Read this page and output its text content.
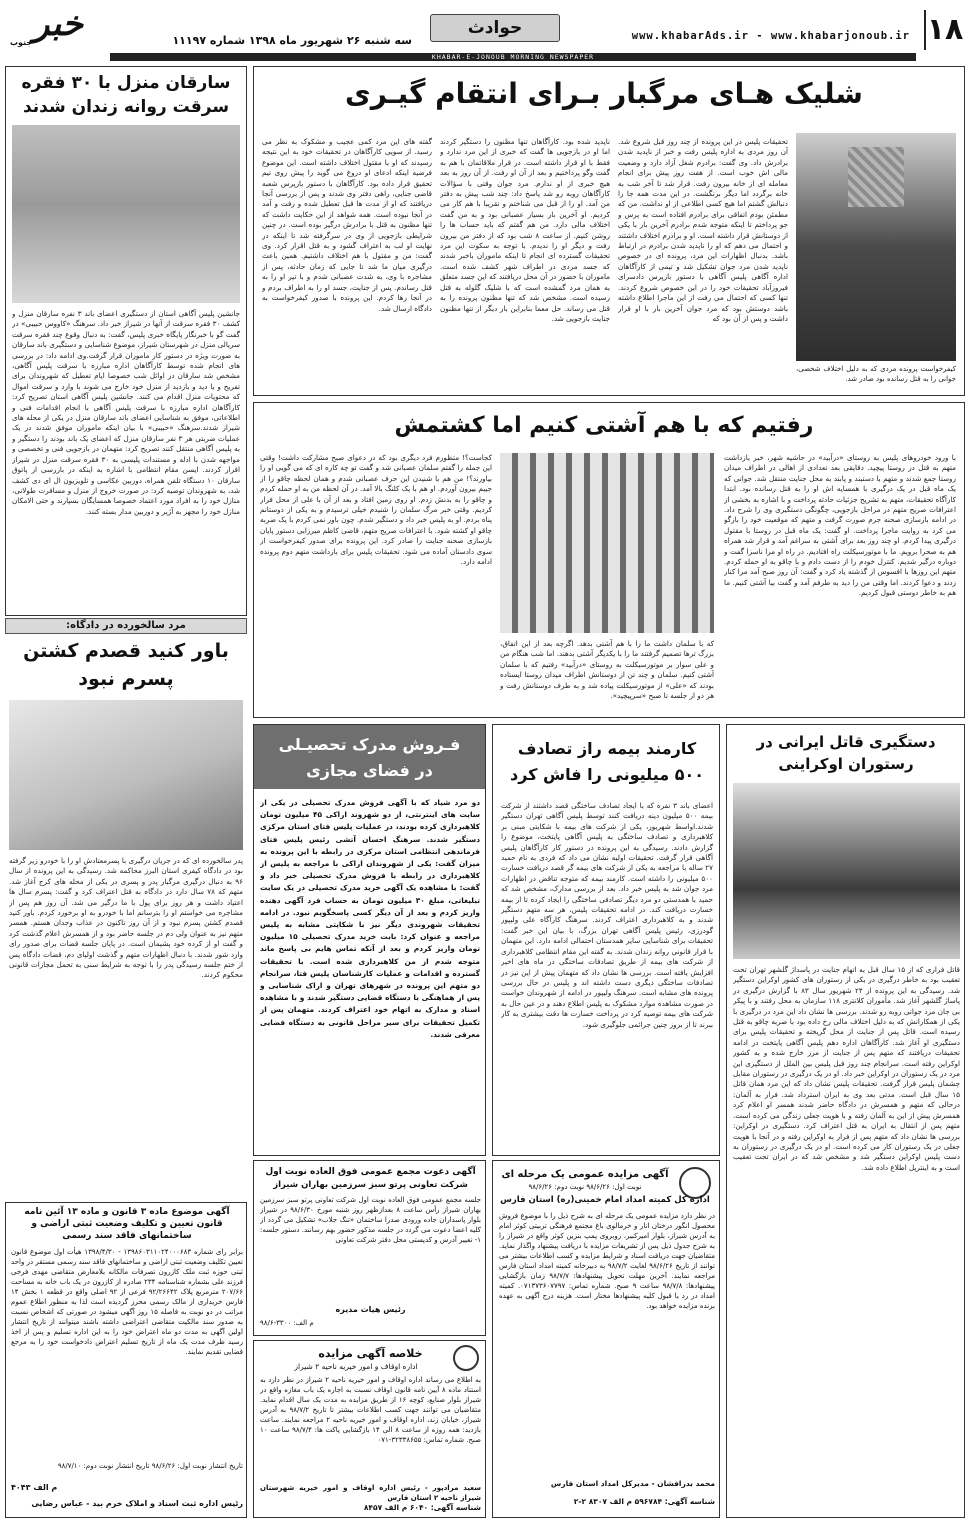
۱۸
www.khabarAds.ir - www.khabarjonoub.ir
حوادث
سه شنبه ۲۶ شهریور ماه ۱۳۹۸ شماره ۱۱۱۹۷
خبر
جنوب
KHABAR-E-JONOUB MORNING NEWSPAPER
سارقان منزل با ۳۰ فقره
سرقت روانه زندان شدند
جانشین پلیس آگاهی استان از دستگیری اعضای باند ۳ نفره سارقان منزل و کشف ۳۰ فقره سرقت از آنها در شیراز خبر داد. سرهنگ «کاووس حبیبی» در گفت گو با خبرنگار پایگاه خبری پلیس، گفت: به دنبال وقوع چند فقره سرقت سریالی منزل در شهرستان شیراز، موضوع شناسایی و دستگیری باند سارقان به صورت ویژه در دستور کار ماموران قرار گرفت.وی ادامه داد: در بررسی های انجام شده توسط کارآگاهان اداره مبارزه با سرقت پلیس آگاهی، مشخص شد سارقان در اوائل شب خصوصا ایام تعطیل که شهروندان برای تفریح و یا دید و بازدید از منزل خود خارج می شوند با وارد و سرقت اموال که محتویات منزل اقدام می کنند. جانشین پلیس آگاهی استان تصریح کرد: کارآگاهان اداره مبارزه با سرقت پلیس آگاهی با انجام اقدامات فنی و اطلاعاتی، موفق به شناسایی اعضای باند سارقان منزل در یکی از محله های شیراز شدند.سرهنگ «حبیبی» با بیان اینکه ماموران موفق شدند در یک عملیات ضربتی هر ۳ نفر سارقان منزل که اعضای یک باند بودند را دستگیر و به پلیس آگاهی منتقل کنند تصریح کرد: متهمان در بازجویی فنی و تخصصی و مواجهه شدن با ادله و مستندات پلیسی به ۳۰ فقره سرقت منزل در شیراز اقرار کردند. ایسن مقام انتظامی با اشاره به اینکه در بازرسی از پاتوق سارقان ۱۰ دستگاه تلفن همراه، دوربین عکاسی و تلویزیون ال ای دی کشف شد، به شهروندان توصیه کرد: در صورت خروج از منزل و مسافرت طولانی، منازل خود را به افراد مورد اعتماد خصوصا همسایگان بسپارند و حتی الامکان منازل خود را مجهز به آژیر و دوربین مدار بسته کنند.
مرد سالخورده در دادگاه:
باور کنید قصدم کشتن
پسرم نبود
پدر سالخورده ای که در جریان درگیری با پسرمعتادش او را با خودرو زیر گرفته بود در دادگاه کیفری استان البرز محاکمه شد. رسیدگی به این پرونده از سال ۹۶ به دنبال درگیری مرگبار پدر و پسری در یکی از محله های کرج آغاز شد. متهم که ۷۸ سال دارد در دادگاه به قتل اعتراف کرد و گفت: پسرم سال ها اعتیاد داشت و هر روز برای پول با ما درگیر می شد. آن روز هم پس از مشاجره می خواستم او را بترسانم اما با خودرو به او برخورد کردم. باور کنید قصدم کشتن پسرم نبود و از آن روز تاکنون در عذاب وجدان هستم. همسر متهم نیز به عنوان ولی دم در جلسه حاضر بود و از همسرش اعلام گذشت کرد و گفت او از کرده خود پشیمان است. در پایان جلسه قضات برای صدور رای وارد شور شدند. با دنبال اظهارات متهم و گذشت اولیای دم، قضات دادگاه پس از ختم جلسه رسیدگی پدر را با توجه به شرایط سنی به تحمل مجازات قانونی محکوم کردند.
آگهی موضوع ماده ۳ قانون و ماده ۱۳ آئین نامه
قانون تعیین و تکلیف وضعیت ثبتی اراضی و
ساختمانهای فاقد سند رسمی
برابر رای شماره ۱۳۹۸۶۰۳۱۱۰۲۴۰۰۰۶۸۳ - ۱۳۹۸/۴/۳۰ هیأت اول موضوع قانون تعیین تکلیف وضعیت ثبتی اراضی و ساختمانهای فاقد سند رسمی مستقر در واحد ثبتی حوزه ثبت ملک کازرون تصرفات مالکانه بلامعارض متقاضی مهدی فرخی فرزند علی بشماره شناسنامه ۲۳۴ صادره از کازرون در یک باب خانه به مساحت ۲۰۷/۶۶ مترمربع پلاک ۹۲/۲۶۶۴۲ فرعی از ۹۲ اصلی واقع در قطعه ۱ بخش ۱۴ فارس خریداری از مالک رسمی محرز گردیده است لذا به منظور اطلاع عموم مراتب در دو نوبت به فاصله ۱۵ روز آگهی میشود در صورتی که اشخاص نسبت به صدور سند مالکیت متقاضی اعتراضی داشته باشند میتوانند از تاریخ انتشار اولین آگهی به مدت دو ماه اعتراض خود را به این اداره تسلیم و پس از اخذ رسید ظرف مدت یک ماه از تاریخ تسلیم اعتراض دادخواست خود را به مرجع قضایی تقدیم نمایند.
تاریخ انتشار نوبت اول: ۹۸/۶/۲۶ تاریخ انتشار نوبت دوم: ۹۸/۷/۱۰
م الف ۴۰۴۳
رئیس اداره ثبت اسناد و املاک خرم بید - عباس رضایی
شلیک هـای مرگبار بـرای انتقام گیـری
کیفرخواست پرونده مردی که به دلیل اختلاف شخصی، جوانی را به قتل رسانده بود صادر شد.
تحقیقات پلیس در این پرونده از چند روز قبل شروع شد. آن روز مردی به اداره پلیس رفت و خبر از ناپدید شدن برادرش داد. وی گفت: برادرم شغل آزاد دارد و وضعیت مالی اش خوب است. از هفت روز پیش برای انجام معامله ای از خانه بیرون رفت. قرار شد تا آخر شب به خانه برگردد اما دیگر برنگشت. در این مدت همه جا را دنبالش گشتم اما هیچ کسی اطلاعی از او نداشت. من که مطمئن بودم اتفاقی برای برادرم افتاده است به پرس و جو پرداختم تا اینکه متوجه شدم برادرم آخرین بار با یکی از دوستانش قرار داشته است. او و برادرم اختلاف داشتند و احتمال می دهم که او را ناپدید شدن برادرم در ارتباط باشد. بدنبال اظهارات این مرد، پرونده ای در خصوص ناپدید شدن مرد جوان تشکیل شد و تیمی از کارآگاهان اداره آگاهی پلیس آگاهی با دستور بازپرس دادسرای فیروزآباد تحقیقات خود را در این خصوص شروع کردند. تنها کسی که احتمال می رفت از این ماجرا اطلاع داشته باشد دوستش بود که مرد جوان آخرین بار با او قرار داشت و پس از آن بود که
ناپدید شده بود. کارآگاهان تنها مظنون را دستگیر کردند اما او در بازجویی ها گفت که خبری از این مرد ندارد و فقط با او قرار داشته است. در قرار ملاقاتمان با هم به گفت وگو پرداختیم و بعد از آن او رفت. از آن روز به بعد هیچ خبری از او ندارم. مرد جوان وقتی با سؤالات کارآگاهان روبه رو شد پاسخ داد: چند شب پیش به دفتر من آمد. او را از قبل می شناختم و تقریبا با هم کار می کردیم. او آخرین بار بسیار عصبانی بود و به من گفت اختلاف مالی دارد. من هم گفتم که باید حساب ها را روشن کنیم. از ساعت ۸ شب بود که از دفتر من بیرون رفت و دیگر او را ندیدم. با توجه به سکوت این مرد تحقیقات گسترده ای انجام تا اینکه ماموران باخبر شدند که جسد مردی در اطراف شهر کشف شده است. ماموران با حضور در آن محل دریافتند که این جسد متعلق به همان مرد گمشده است که با شلیک گلوله به قتل رسیده است. مشخص شد که تنها مظنون پرونده را به قتل می رساند. حل معما بنابراین بار دیگر از تنها مظنون جنایت بازجویی شد.
گفته های این مرد کمی عجیب و مشکوک به نظر می رسید. از سویی کارآگاهان در تحقیقات خود به این نتیجه رسیدند که او با مقتول اختلاف داشته است. این موضوع فرضیه اینکه ادعای او دروغ می گوید را پیش روی تیم تحقیق قرار داده بود. کارآگاهان با دستور بازپرس شعبه قاضی جنایی، راهی دفتر وی شدند و پس از بررسی آنجا دریافتند که او از مدت ها قبل تعطیل شده و رفت و آمد در آنجا نبوده است. همه شواهد از این حکایت داشت که تنها مظنون به قتل با برادرش درگیر بوده است. در چنین شرایطی بازجویی از وی در سرگرفته شد تا اینکه در نهایت او لب به اعتراف گشود و به قتل اقرار کرد. وی گفت: من و مقتول با هم اختلاف داشتیم. همین باعث درگیری میان ما شد تا جایی که زمان حادثه، پس از مشاجره با وی، به شدت عصبانی شدم و با تیر او را به قتل رساندم. پس از جنایت، جسد او را به اطراف بردم و در آنجا رها کردم. این پرونده با صدور کیفرخواست به دادگاه ارسال شد.
رفتیم که با هم آشتی کنیم اما کشتمش
با ورود خودروهای پلیس به روستای «درآبید» در حاشیه شهر، خبر بازداشت متهم به قتل در روستا پیچید. دقایقی بعد تعدادی از اهالی در اطراف میدان روستا جمع شدند و متهم با دستبند و پابند به محل جنایت منتقل شد. جوانی که یک ماه قبل در یک درگیری با همسایه اش او را به قتل رسانده بود. ابتدا کارآگاه تحقیقات، متهم به تشریح جزئیات حادثه پرداخت و با اشاره به بخشی از اعترافات صریح متهم در مراحل بازجویی، چگونگی دستگیری وی را شرح داد. در ادامه بازسازی صحنه جرم صورت گرفت و متهم که موقعیت خود را بازگو می کرد به روایت ماجرا پرداخت. او گفت: یک ماه قبل در روستا با مقتول درگیری پیدا کردم. او چند روز بعد برای آشتی به سراغم آمد و قرار شد همراه هم به صحرا برویم. ما با موتورسیکلت راه افتادیم. در راه او مرا ناسزا گفت و دوباره درگیر شدیم. کنترل خودم را از دست دادم و با چاقو به او حمله کردم. متهم این روزها با افسوس از گذشته یاد کرد و گفت: آن روز صبح آمد مرا کنار زدند و دعوا کردند. اما وقتی من را دید به طرفم آمد و گفت بیا آشتی کنیم. ما هم به خاطر دوستی قبول کردیم.
که با سلمان داشت ما را با هم آشتی بدهد. اگرچه بعد از این اتفاق، بزرگ ترها تصمیم گرفتند ما را با یکدیگر آشتی بدهند. اما شب هنگام من و علی سوار بر موتورسیکلت به روستای «درآبید» رفتیم که با سلمان آشتی کنیم. سلمان و چند تن از دوستانش اطراف میدان روستا ایستاده بودند که «علی» از موتورسیکلت پیاده شد و به طرف دوستانش رفت و هر دو از جلسه تا صبح «سرپیچید».
کجاست؟! متظورم فرد دیگری بود که در دعوای صبح مشارکت داشت! وقتی این جمله را گفتم سلمان عصبانی شد و گفت تو چه کاره ای که می گویی او را بیاورند؟! من هم با شنیدن این حرف عصبانی شدم و همان لحظه چاقو را از جیبم بیرون آوردم. او هم با یک کلنگ بالا آمد. در آن لحظه من به او حمله کردم و چاقو را به بدنش زدم. او روی زمین افتاد و بعد از آن با علی از محل فرار کردیم. وقتی خبر مرگ سلمان را شنیدم خیلی ترسیدم و به یکی از دوستانم پناه بردم. او به پلیس خبر داد و دستگیر شدم. چون باور نمی کردم با یک ضربه چاقو او کشته شود. با اعترافات صریح متهم، قاضی کاظم میرزایی دستور پایان بازسازی صحنه جنایت را صادر کرد. این پرونده برای صدور کیفرخواست از سوی دادستان آماده می شود. تحقیقات پلیس برای بازداشت متهم دوم پرونده ادامه دارد.
دستگیری قاتل ایرانی در
رستوران اوکراینی
قاتل فراری که از ۱۵ سال قبل به اتهام جنایت در پاسداژ گلشهر تهران تحت تعقیب بود به خاطر درگیری در یکی از رستوران های کشور اوکراین دستگیر شد. رسیدگی به این پرونده از ۲۴ شهریور سال ۸۳ با گزارش درگیری در پاساژ گلشهر آغاز شد. مأموران کلانتری ۱۱۸ سازمان به محل رفتند و با پیکر بی جان مرد جوانی روبه رو شدند. بررسی ها نشان داد این مرد در درگیری با یکی از همکارانش که به دلیل اختلاف مالی رخ داده بود با ضربه چاقو به قتل رسیده است. قاتل پس از جنایت از محل گریخته و تحقیقات پلیس برای دستگیری او آغاز شد. کارآگاهان اداره دهم پلیس آگاهی پایتخت در ادامه تحقیقات دریافتند که متهم پس از جنایت از مرز خارج شده و به کشور اوکراین رفته است. سرانجام چند روز قبل پلیس بین الملل از دستگیری این مرد در یک رستوران در اوکراین خبر داد. او در یک درگیری در رستوران مقابل چشمان پلیس قرار گرفت. تحقیقات پلیس نشان داد که این مرد همان قاتل ۱۵ سال قبل است. مدتی بعد وی به ایران استرداد شد. فرار به آلمان: درحالی که متهم و همسرش در دادگاه حاضر شدند همسر او اعلام کرد همسرش پیش از این به آلمان رفته و با هویت جعلی زندگی می کرده است. متهم پس از انتقال به ایران به قتل اعتراف کرد. دستگیری در اوکراین: بررسی ها نشان داد که متهم پس از فرار به اوکراین رفته و در آنجا با هویت جعلی در یک رستوران کار می کرده است. او در یک درگیری در رستوران به دست پلیس اوکراین دستگیر شد و مشخص شد که در ایران تحت تعقیب است و به اینترپل اطلاع داده شد.
کارمند بیمه راز تصادف
۵۰۰ میلیونی را فاش کرد
اعضای باند ۳ نفره که با ایجاد تصادف ساختگی قصد داشتند از شرکت بیمه ۵۰۰ میلیون دینه دریافت کنند توسط پلیس آگاهی تهران دستگیر شدند.اواسط شهریور، یکی از شرکت های بیمه با شکایتی مبنی بر کلاهبرداری و تصادف ساختگی به پلیس آگاهی پایتخت، موضوع را گزارش دادند. رسیدگی به این پرونده در دستور کار کارآگاهان پلیس آگاهی قرار گرفت. تحقیقات اولیه نشان می داد که فردی به نام حمید ۲۷ ساله با مراجعه به یکی از شرکت های بیمه گر قصد دریافت خسارت ۵۰۰ میلیونی را داشته است. کارمند بیمه که متوجه تناقض در اظهارات مرد جوان شد به پلیس خبر داد. بعد از بررسی مدارک، مشخص شد که حمید با همدستی دو مرد دیگر تصادفی ساختگی را ایجاد کرده تا از بیمه خسارت دریافت کند. در ادامه تحقیقات پلیس، هر سه متهم دستگیر شدند و به کلاهبرداری اعتراف کردند. سرهنگ کارآگاه علی ولیپور گودرزی، رئیس پلیس آگاهی تهران بزرگ، با بیان این خبر گفت: تحقیقات برای شناسایی سایر همدستان احتمالی ادامه دارد. این متهمان با قرار قانونی روانه زندان شدند. به گفته این مقام انتظامی کلاهبرداری از شرکت های بیمه از طریق تصادفات ساختگی در ماه های اخیر افزایش یافته است. بررسی ها نشان داد که متهمان پیش از این نیز در تصادفات ساختگی دیگری دست داشته اند و پلیس در حال بررسی پرونده های مشابه است. سرهنگ ولیپور در ادامه از شهروندان خواست در صورت مشاهده موارد مشکوک به پلیس اطلاع دهند و در عین حال به شرکت های بیمه توصیه کرد در پرداخت خسارت ها دقت بیشتری به کار ببرند تا از بروز چنین جرائمی جلوگیری شود.
فـروش مدرک تحصیـلی
در فضای مجازی
دو مرد شیاد که با آگهی فروش مدرک تحصیلی در یکی از سایت های اینترنتی، از دو شهروند اراکی ۴۵ میلیون تومان کلاهبرداری کرده بودند، در عملیات پلیس فتای استان مرکزی دستگیر شدند. سرهنگ احسان آتشی رئیس پلیس فتای فرماندهی انتظامی استان مرکزی در رابطه با این پرونده به میزان گفت: یکی از شهروندان اراکی با مراجعه به پلیس از کلاهبرداری در رابطه با فروش مدرک تحصیلی خبر داد و گفت: با مشاهده یک آگهی خرید مدرک تحصیلی در یک سایت تبلیغاتی، مبلغ ۳۰ میلیون تومان به حساب فرد آگهی دهنده واریز کردم و بعد از آن دیگر کسی پاسخگویم نبود. در ادامه تحقیقات شهروندی دیگر نیز با شکایتی مشابه به پلیس مراجعه و عنوان کرد: بابت خرید مدرک تحصیلی ۱۵ میلیون تومان واریز کردم و بعد از آنکه تماس هایم بی پاسخ ماند متوجه شدم از من کلاهبرداری شده است. با تحقیقات گسترده و اقدامات و عملیات کارشناسان پلیس فتا، سرانجام دو متهم این پرونده در شهرهای تهران و اراک شناسایی و پس از هماهنگی با دستگاه قضایی دستگیر شدند و با مشاهده اسناد و مدارک به اتهام خود اعتراف کردند. متهمان پس از تکمیل تحقیقات برای سیر مراحل قانونی به دستگاه قضایی معرفی شدند.
آگهی مزایده عمومی یک مرحله ای
نوبت اول: ۹۸/۶/۲۶ نوبت دوم: ۹۸/۶/۲۶
اداره کل کمیته امداد امام خمینی(ره) استان فارس
در نظر دارد مزایده عمومی یک مرحله ای به شرح ذیل را با موضوع فروش محصول انگور درختان انار و خرمالوی باغ مجتمع فرهنگی تربیتی کوثر امام به آدرس شیراز، بلوار امیرکبیر، روبروی پمپ بنزین کوثر واقع در شیراز را به شرح جدول ذیل پس از تشریفات مزایده با دریافت پیشنهاد واگذار نماید. متقاضیان جهت دریافت اسناد و شرایط مزایده و کسب اطلاعات بیشتر می توانند از تاریخ ۹۸/۶/۲۶ لغایت ۹۸/۷/۲ به دبیرخانه کمیته امداد استان فارس مراجعه نمایند. آخرین مهلت تحویل پیشنهادها: ۹۸/۷/۷ زمان بازگشایی پیشنهادها: ۹۸/۷/۸ ساعت ۹ صبح. شماره تماس: ۰۷۱۳۷۳۶۰۷۷۹۷. کمیته امداد در رد یا قبول کلیه پیشنهادها مختار است. هزینه درج آگهی به عهده برنده مزایده خواهد بود.
محمد بدرافشان - مدیرکل امداد استان فارس
شناسه آگهی: ۵۹۶۷۸۴ م الف ۸۳۰۷ ۲-۲
آگهی دعوت مجمع عمومی فوق العاده نوبت اول
شرکت تعاونی پرتو سبز سرزمین بهاران شیراز
جلسه مجمع عمومی فوق العاده نوبت اول شرکت تعاونی پرتو سبز سرزمین بهاران شیراز رأس ساعت ۸ بعدازظهر روز شنبه مورخ ۹۸/۶/۳۰ در شیراز بلوار پاسداران جاده ورودی صدرا ساختمان «تنگ جلاب» تشکیل می گردد از کلیه اعضا دعوت می گردد در جلسه مذکور حضور بهم رسانند. دستور جلسه: ۱- تغییر آدرس و کدپستی محل دفتر شرکت تعاونی
رئیس هیات مدیره
م الف: ۳۳۰۰-۹۸/۶
خلاصه آگهی مزایده
اداره اوقاف و امور خیریه ناحیه ۲ شیراز
به اطلاع می رساند اداره اوقاف و امور خیریه ناحیه ۲ شیراز در نظر دارد به استناد ماده ۸ آیین نامه قانون اوقاف نسبت به اجاره یک باب مغازه واقع در شیراز بلوار صنایع، کوچه ۱۶ از طریق مزایده به مدت یک سال اقدام نماید. متقاضیان می توانند جهت کسب اطلاعات بیشتر تا تاریخ ۹۸/۷/۲ به آدرس شیراز، خیابان زند، اداره اوقاف و امور خیریه ناحیه ۲ مراجعه نمایند. ساعت بازدید: همه روزه از ساعت ۸ الی ۱۴ بازگشایی پاکت ها: ۹۸/۷/۴ ساعت ۱۰ صبح. شماره تماس: ۳۲۳۳۸۶۵۵-۰۷۱
سعید مرادپور - رئیس اداره اوقاف و امور خیریه شهرستان شیراز ناحیه ۲ استان فارس
شناسه آگهی: ۶۰۴۰ م الف ۸۴۵۷
